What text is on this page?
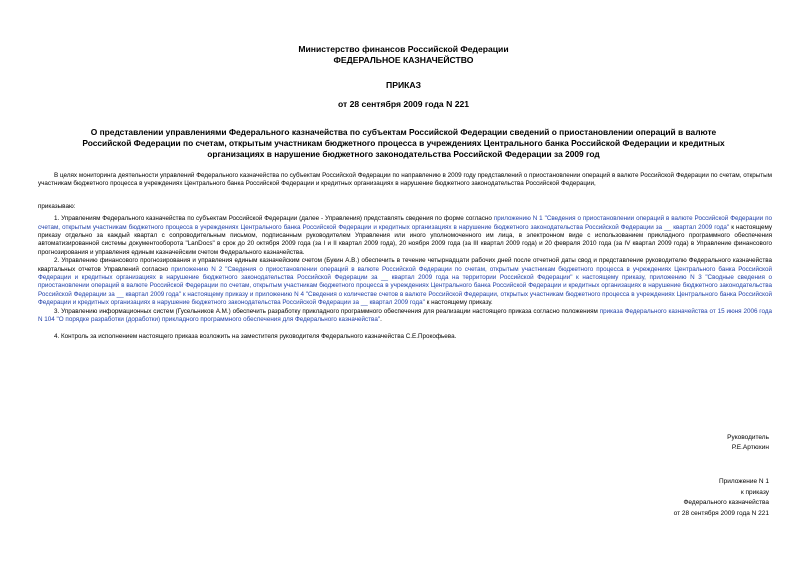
Министерство финансов Российской Федерации
ФЕДЕРАЛЬНОЕ КАЗНАЧЕЙСТВО
ПРИКАЗ
от 28 сентября 2009 года N 221
О представлении управлениями Федерального казначейства по субъектам Российской Федерации сведений о приостановлении операций в валюте Российской Федерации по счетам, открытым участникам бюджетного процесса в учреждениях Центрального банка Российской Федерации и кредитных организациях в нарушение бюджетного законодательства Российской Федерации за 2009 год

В целях мониторинга деятельности управлений Федерального казначейства по субъектам Российской Федерации по направлению в 2009 году представлений о приостановлении операций в валюте Российской Федерации по счетам, открытым участникам бюджетного процесса в учреждениях Центрального банка Российской Федерации и кредитных организациях в нарушение бюджетного законодательства Российской Федерации,

приказываю:

1. Управлениям Федерального казначейства по субъектам Российской Федерации (далее - Управления) представлять сведения по форме согласно приложению N 1 "Сведения о приостановлении операций в валюте Российской Федерации по счетам, открытым участникам бюджетного процесса в учреждениях Центрального банка Российской Федерации и кредитных организациях в нарушение бюджетного законодательства Российской Федерации за __ квартал 2009 года" к настоящему приказу отдельно за каждый квартал с сопроводительным письмом, подписанным руководителем Управления или иного уполномоченного им лица, в электронном виде с использованием прикладного программного обеспечения автоматизированной системы документооборота "LanDocs" в срок до 20 октября 2009 года (за I и II квартал 2009 года), 20 ноября 2009 года (за III квартал 2009 года) и 20 февраля 2010 года (за IV квартал 2009 года) в Управление финансового прогнозирования и управления единым казначейским счетом Федерального казначейства.

2. Управлению финансового прогнозирования и управления единым казначейским счетом (Букин А.В.) обеспечить в течение четырнадцати рабочих дней после отчетной даты свод и представление руководителю Федерального казначейства квартальных отчетов Управлений согласно приложению N 2 "Сведения о приостановлении операций в валюте Российской Федерации по счетам, открытым участникам бюджетного процесса в учреждениях Центрального банка Российской Федерации и кредитных организациях в нарушение бюджетного законодательства Российской Федерации за __ квартал 2009 года на территории Российской Федерации" к настоящему приказу, приложению N 3 "Сводные сведения о приостановлении операций в валюте Российской Федерации по счетам, открытым участникам бюджетного процесса в учреждениях Центрального банка Российской Федерации и кредитных организациях в нарушение бюджетного законодательства Российской Федерации за __ квартал 2009 года" к настоящему приказу и приложению N 4 "Сведения о количестве счетов в валюте Российской Федерации, открытых участникам бюджетного процесса в учреждениях Центрального банка Российской Федерации и кредитных организациях в нарушение бюджетного законодательства Российской Федерации за __ квартал 2009 года" к настоящему приказу.

3. Управлению информационных систем (Гусельников А.М.) обеспечить разработку прикладного программного обеспечения для реализации настоящего приказа согласно положениям приказа Федерального казначейства от 15 июня 2006 года N 104 "О порядке разработки (доработки) прикладного программного обеспечения для Федерального казначейства".

4. Контроль за исполнением настоящего приказа возложить на заместителя руководителя Федерального казначейства С.Е.Прокофьева.

Руководитель
Р.Е.Артюхин
Приложение N 1
к приказу
Федерального казначейства
от 28 сентября 2009 года N 221
